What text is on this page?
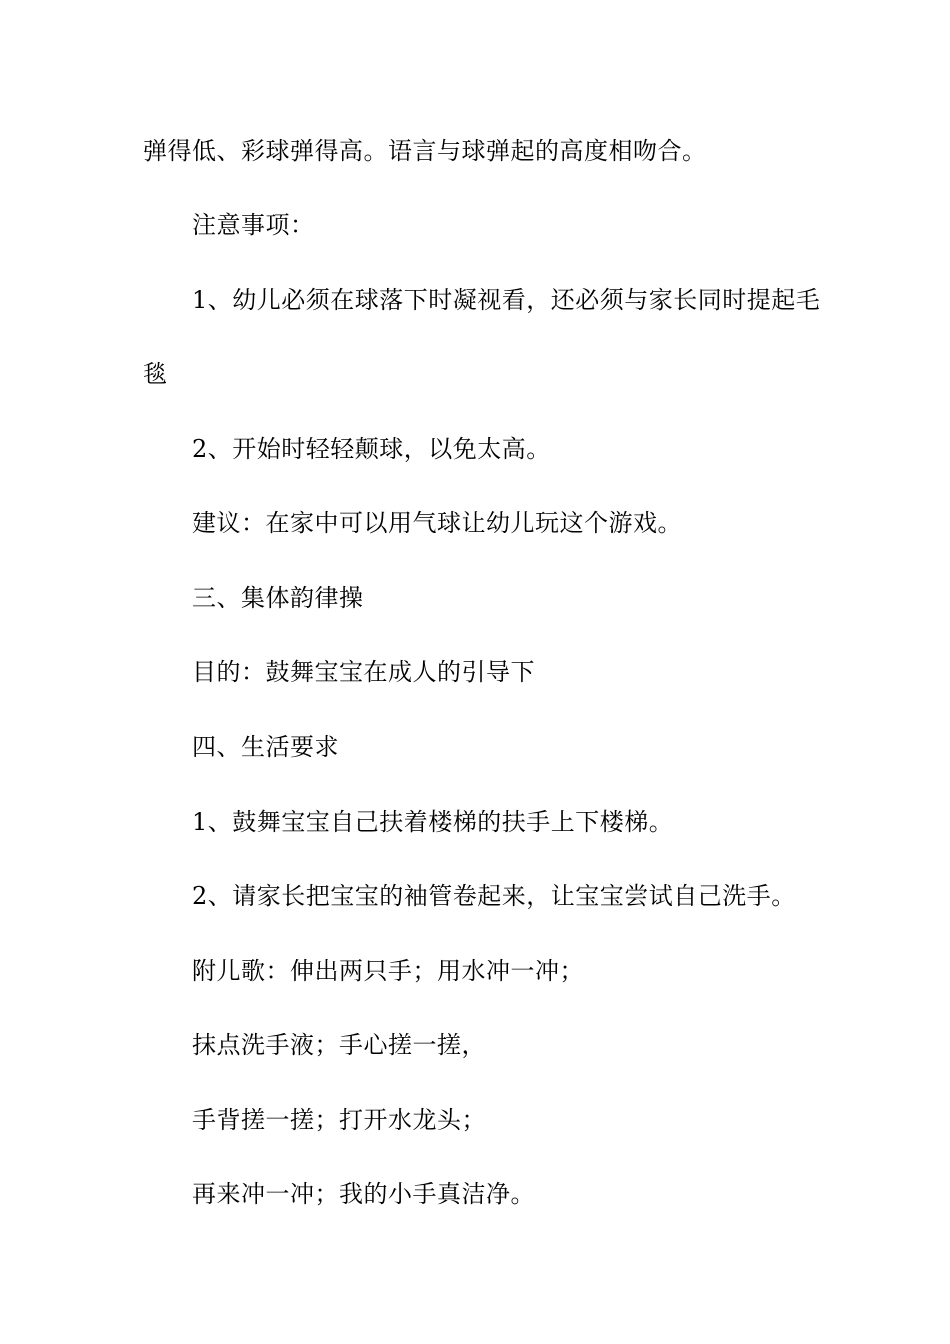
弹得低、彩球弹得高。语言与球弹起的高度相吻合。
注意事项：
1、幼儿必须在球落下时凝视看，还必须与家长同时提起毛
毯
2、开始时轻轻颠球，以免太高。
建议：在家中可以用气球让幼儿玩这个游戏。
三、集体韵律操
目的：鼓舞宝宝在成人的引导下
四、生活要求
1、鼓舞宝宝自己扶着楼梯的扶手上下楼梯。
2、请家长把宝宝的袖管卷起来，让宝宝尝试自己洗手。
附儿歌：伸出两只手；用水冲一冲；
抹点洗手液；手心搓一搓，
手背搓一搓；打开水龙头；
再来冲一冲；我的小手真洁净。
